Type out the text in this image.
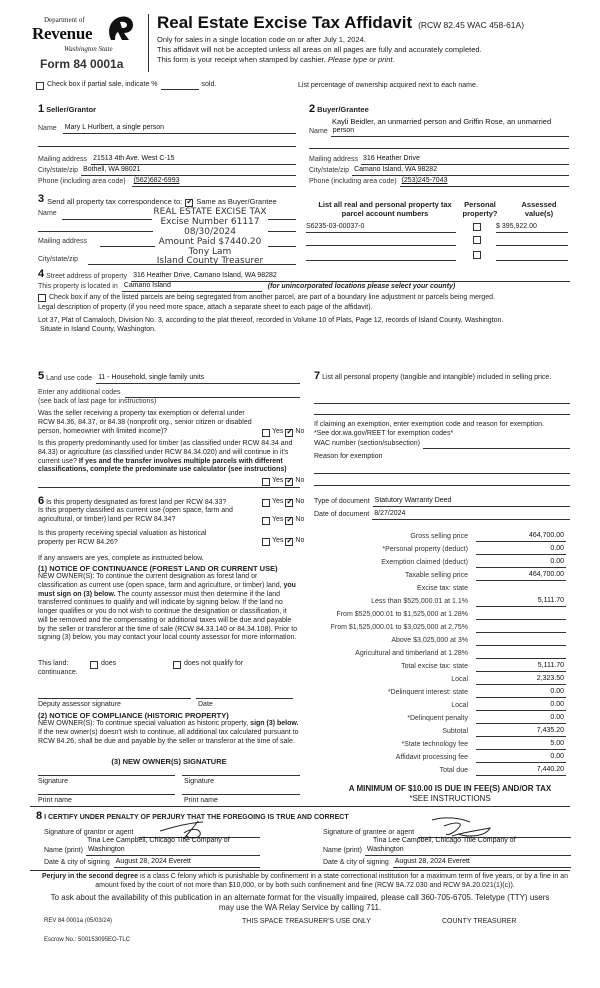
Department of
Revenue
Washington State
Form 84 0001a
Real Estate Excise Tax Affidavit (RCW 82.45 WAC 458-61A)
Only for sales in a single location code on or after July 1, 2024.
This affidavit will not be accepted unless all areas on all pages are fully and accurately completed.
This form is your receipt when stamped by cashier. Please type or print.
Check box if partial sale, indicate %	sold.	List percentage of ownership acquired next to each name.
1 Seller/Grantor
Name Mary L Hurlbert, a single person
Mailing address 21513 4th Ave. West C-15
City/state/zip Bothell, WA 98021
Phone (including area code) (562)682-6993
2 Buyer/Grantee
Kayli Beidler, an unmarried person and Griffin Rose, an unmarried
Name person
Mailing address 316 Heather Drive
City/state/zip Camano Island, WA 98282
Phone (including area code) (253)245-7043
3 Send all property tax correspondence to: ✓ Same as Buyer/Grantee
Name
Mailing address
City/state/zip
REAL ESTATE EXCISE TAX
Excise Number 61117
08/30/2024
Amount Paid $7440.20
Tony Lam
Island County Treasurer
List all real and personal property tax parcel account numbers
Personal property?
Assessed value(s)
S6235-03-00037-0	$ 395,922.00
4 Street address of property 316 Heather Drive, Camano Island, WA 98282
This property is located in Camano Island	(for unincorporated locations please select your county)
Check box if any of the listed parcels are being segregated from another parcel, are part of a boundary line adjustment or parcels being merged.
Legal description of property (if you need more space, attach a separate sheet to each page of the affidavit).
Lot 37, Plat of Camaloch, Division No. 3, according to the plat thereof, recorded in Volume 10 of Plats, Page 12, records of Island County, Washington.
Situate in Island County, Washington.
5 Land use code 11 - Household, single family units
Enter any additional codes
(see back of last page for instructions)
Was the seller receiving a property tax exemption or deferral under RCW 84.36, 84.37, or 84.38 (nonprofit org., senior citizen or disabled person, homeowner with limited income)?	Yes ✓ No
Is this property predominantly used for timber (as classified under RCW 84.34 and 84.33) or agriculture (as classified under RCW 84.34.020) and will continue in it's current use? If yes and the transfer involves multiple parcels with different classifications, complete the predominate use calculator (see instructions)
Yes ✓ No
6 Is this property designated as forest land per RCW 84.33?	Yes ✓ No
Is this property classified as current use (open space, farm and agricultural, or timber) land per RCW 84.34?	Yes ✓ No
Is this property receiving special valuation as historical property per RCW 84.26?	Yes ✓ No
If any answers are yes, complete as instructed below.
(1) NOTICE OF CONTINUANCE (FOREST LAND OR CURRENT USE)
NEW OWNER(S): To continue the current designation as forest land or classification as current use (open space, farm and agriculture, or timber) land, you must sign on (3) below. The county assessor must then determine if the land transferred continues to qualify and will indicate by signing below. If the land no longer qualifies or you do not wish to continue the designation or classification, it will be removed and the compensating or additional taxes will be due and payable by the seller or transferor at the time of sale (RCW 84.33.140 or 84.34.108). Prior to signing (3) below, you may contact your local county assessor for more information.
This land:	does	does not qualify for
continuance.
Deputy assessor signature	Date
(2) NOTICE OF COMPLIANCE (HISTORIC PROPERTY)
NEW OWNER(S): To continue special valuation as historic property, sign (3) below. If the new owner(s) doesn't wish to continue, all additional tax calculated pursuant to RCW 84.26, shall be due and payable by the seller or transferor at the time of sale.
(3) NEW OWNER(S) SIGNATURE
Signature	Signature
Print name	Print name
7 List all personal property (tangible and intangible) included in selling price.
If claiming an exemption, enter exemption code and reason for exemption. *See dor.wa.gov/REET for exemption codes*
WAC number (section/subsection)
Reason for exemption
Type of document Statutory Warranty Deed
Date of document 8/27/2024
Gross selling price	464,700.00
*Personal property (deduct)	0.00
Exemption claimed (deduct)	0.00
Taxable selling price	464,700.00
Excise tax: state
Less than $525,000.01 at 1.1%	5,111.70
From $525,000.01 to $1,525,000 at 1.28%
From $1,525,000.01 to $3,025,000 at 2.75%
Above $3,025,000 at 3%
Agricultural and timberland at 1.28%
Total excise tax: state	5,111.70
Local	2,323.50
*Delinquent interest: state	0.00
Local	0.00
*Delinquent penalty	0.00
Subtotal	7,435.20
*State technology fee	5.00
Affidavit processing fee	0.00
Total due	7,440.20
A MINIMUM OF $10.00 IS DUE IN FEE(S) AND/OR TAX
*SEE INSTRUCTIONS
8 I CERTIFY UNDER PENALTY OF PERJURY THAT THE FOREGOING IS TRUE AND CORRECT
Signature of grantor or agent
Tina Lee Campbell, Chicago Title Company of
Name (print) Washington
Date & city of signing August 28, 2024 Everett
Signature of grantee or agent
Tina Lee Campbell, Chicago Title Company of
Name (print) Washington
Date & city of signing August 28, 2024 Everett
Perjury in the second degree is a class C felony which is punishable by confinement in a state correctional institution for a maximum term of five years, or by a fine in an amount fixed by the court of not more than $10,000, or by both such confinement and fine (RCW 9A.72.030 and RCW 9A.20.021(1)(c)).
To ask about the availability of this publication in an alternate format for the visually impaired, please call 360-705-6705. Teletype (TTY) users may use the WA Relay Service by calling 711.
REV 84 0001a (05/03/24)	THIS SPACE TREASURER'S USE ONLY	COUNTY TREASURER
Escrow No.: 500153095EO-TLC
